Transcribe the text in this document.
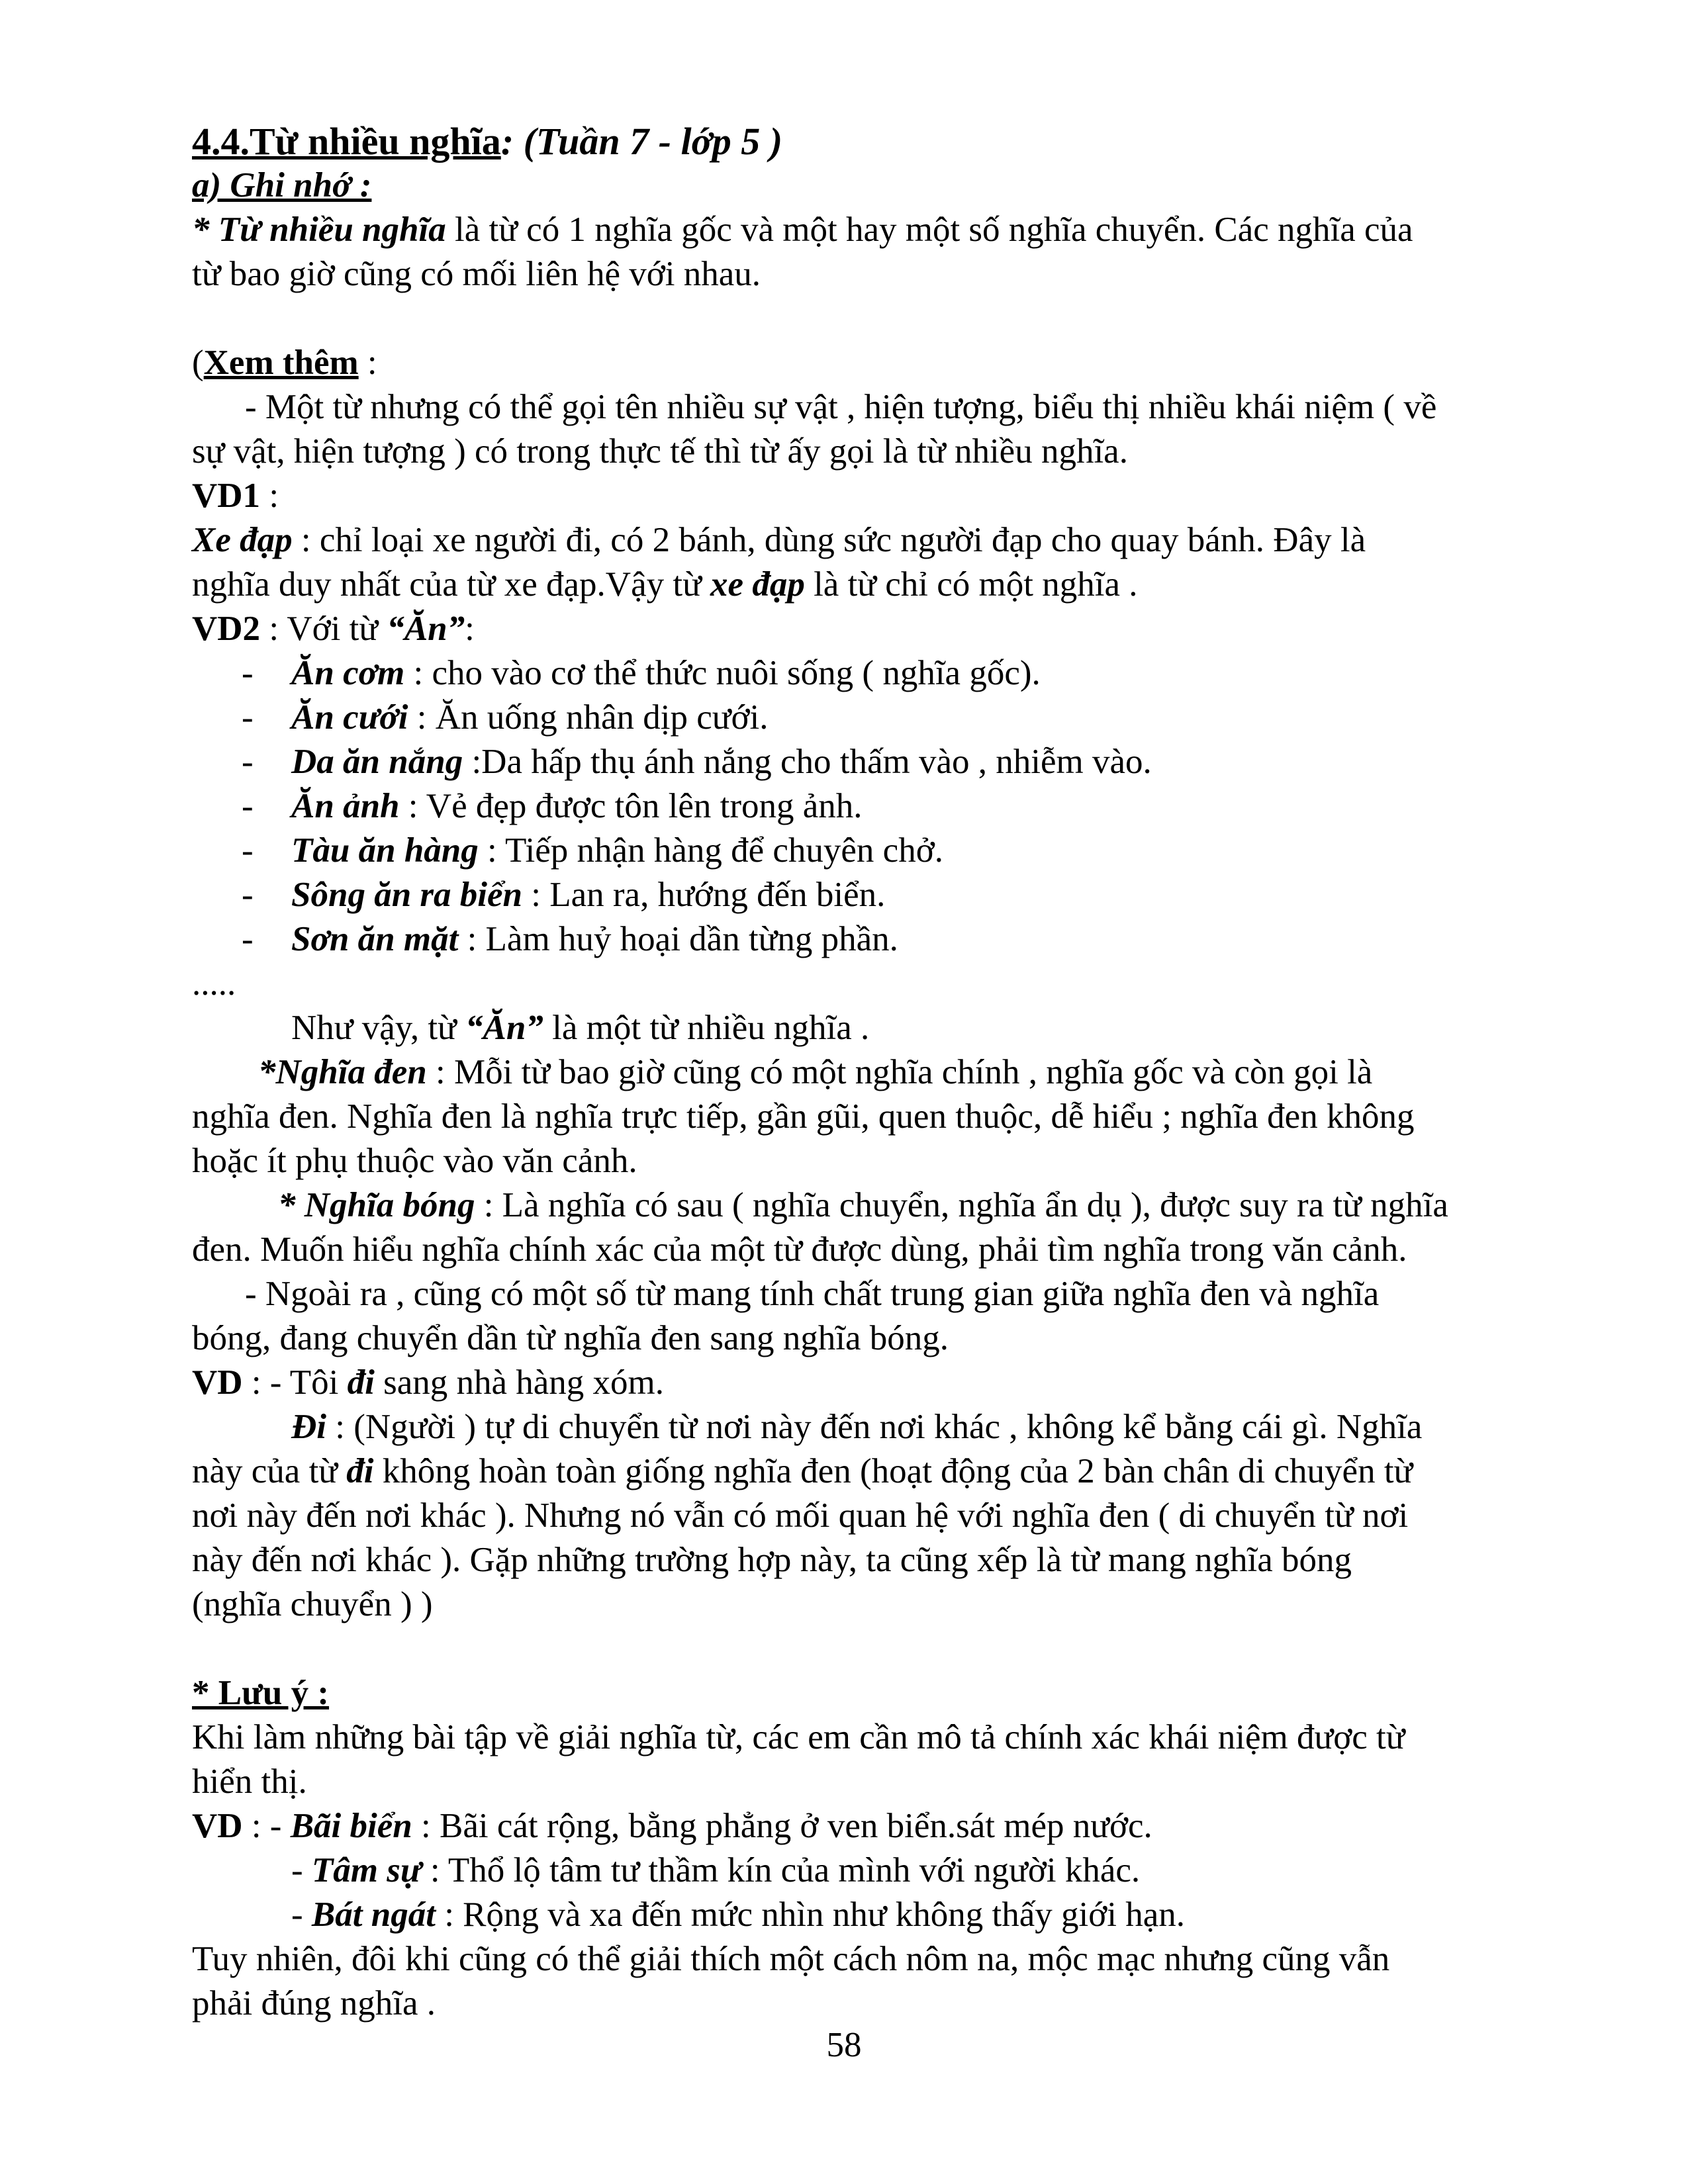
4.4.Từ nhiều nghĩa: (Tuần 7 - lớp 5 )
a) Ghi nhớ :
* Từ nhiều nghĩa là từ có 1 nghĩa gốc và một hay một số nghĩa chuyển. Các nghĩa của
từ bao giờ cũng có mối liên hệ với nhau.
(Xem thêm :
- Một từ nhưng có thể gọi tên nhiều sự vật , hiện tượng, biểu thị nhiều khái niệm ( về
sự vật, hiện tượng ) có trong thực tế thì từ ấy gọi là từ nhiều nghĩa.
VD1 :
Xe đạp : chỉ loại xe người đi, có 2 bánh, dùng sức người đạp cho quay bánh. Đây là
nghĩa duy nhất của từ xe đạp.Vậy từ xe đạp là từ chỉ có một nghĩa .
VD2 : Với từ “Ăn”:
- Ăn cơm : cho vào cơ thể thức nuôi sống ( nghĩa gốc).
- Ăn cưới : Ăn uống nhân dịp cưới.
- Da ăn nắng :Da hấp thụ ánh nắng cho thấm vào , nhiễm vào.
- Ăn ảnh : Vẻ đẹp được tôn lên trong ảnh.
- Tàu ăn hàng : Tiếp nhận hàng để chuyên chở.
- Sông ăn ra biển : Lan ra, hướng đến biển.
- Sơn ăn mặt : Làm huỷ hoại dần từng phần.
.....
Như vậy, từ “Ăn” là một từ nhiều nghĩa .
*Nghĩa đen : Mỗi từ bao giờ cũng có một nghĩa chính , nghĩa gốc và còn gọi là
nghĩa đen. Nghĩa đen là nghĩa trực tiếp, gần gũi, quen thuộc, dễ hiểu ; nghĩa đen không
hoặc ít phụ thuộc vào văn cảnh.
* Nghĩa bóng : Là nghĩa có sau ( nghĩa chuyển, nghĩa ẩn dụ ), được suy ra từ nghĩa
đen. Muốn hiểu nghĩa chính xác của một từ được dùng, phải tìm nghĩa trong văn cảnh.
- Ngoài ra , cũng có một số từ mang tính chất trung gian giữa nghĩa đen và nghĩa
bóng, đang chuyển dần từ nghĩa đen sang nghĩa bóng.
VD : - Tôi đi sang nhà hàng xóm.
Đi : (Người ) tự di chuyển từ nơi này đến nơi khác , không kể bằng cái gì. Nghĩa
này của từ đi không hoàn toàn giống nghĩa đen (hoạt động của 2 bàn chân di chuyển từ
nơi này đến nơi khác ). Nhưng nó vẫn có mối quan hệ với nghĩa đen ( di chuyển từ nơi
này đến nơi khác ). Gặp những trường hợp này, ta cũng xếp là từ mang nghĩa bóng
(nghĩa chuyển ) )
* Lưu ý :
Khi làm những bài tập về giải nghĩa từ, các em cần mô tả chính xác khái niệm được từ
hiển thị.
VD : - Bãi biển : Bãi cát rộng, bằng phẳng ở ven biển.sát mép nước.
- Tâm sự : Thổ lộ tâm tư thầm kín của mình với người khác.
- Bát ngát : Rộng và xa đến mức nhìn như không thấy giới hạn.
Tuy nhiên, đôi khi cũng có thể giải thích một cách nôm na, mộc mạc nhưng cũng vẫn
phải đúng nghĩa .
58
